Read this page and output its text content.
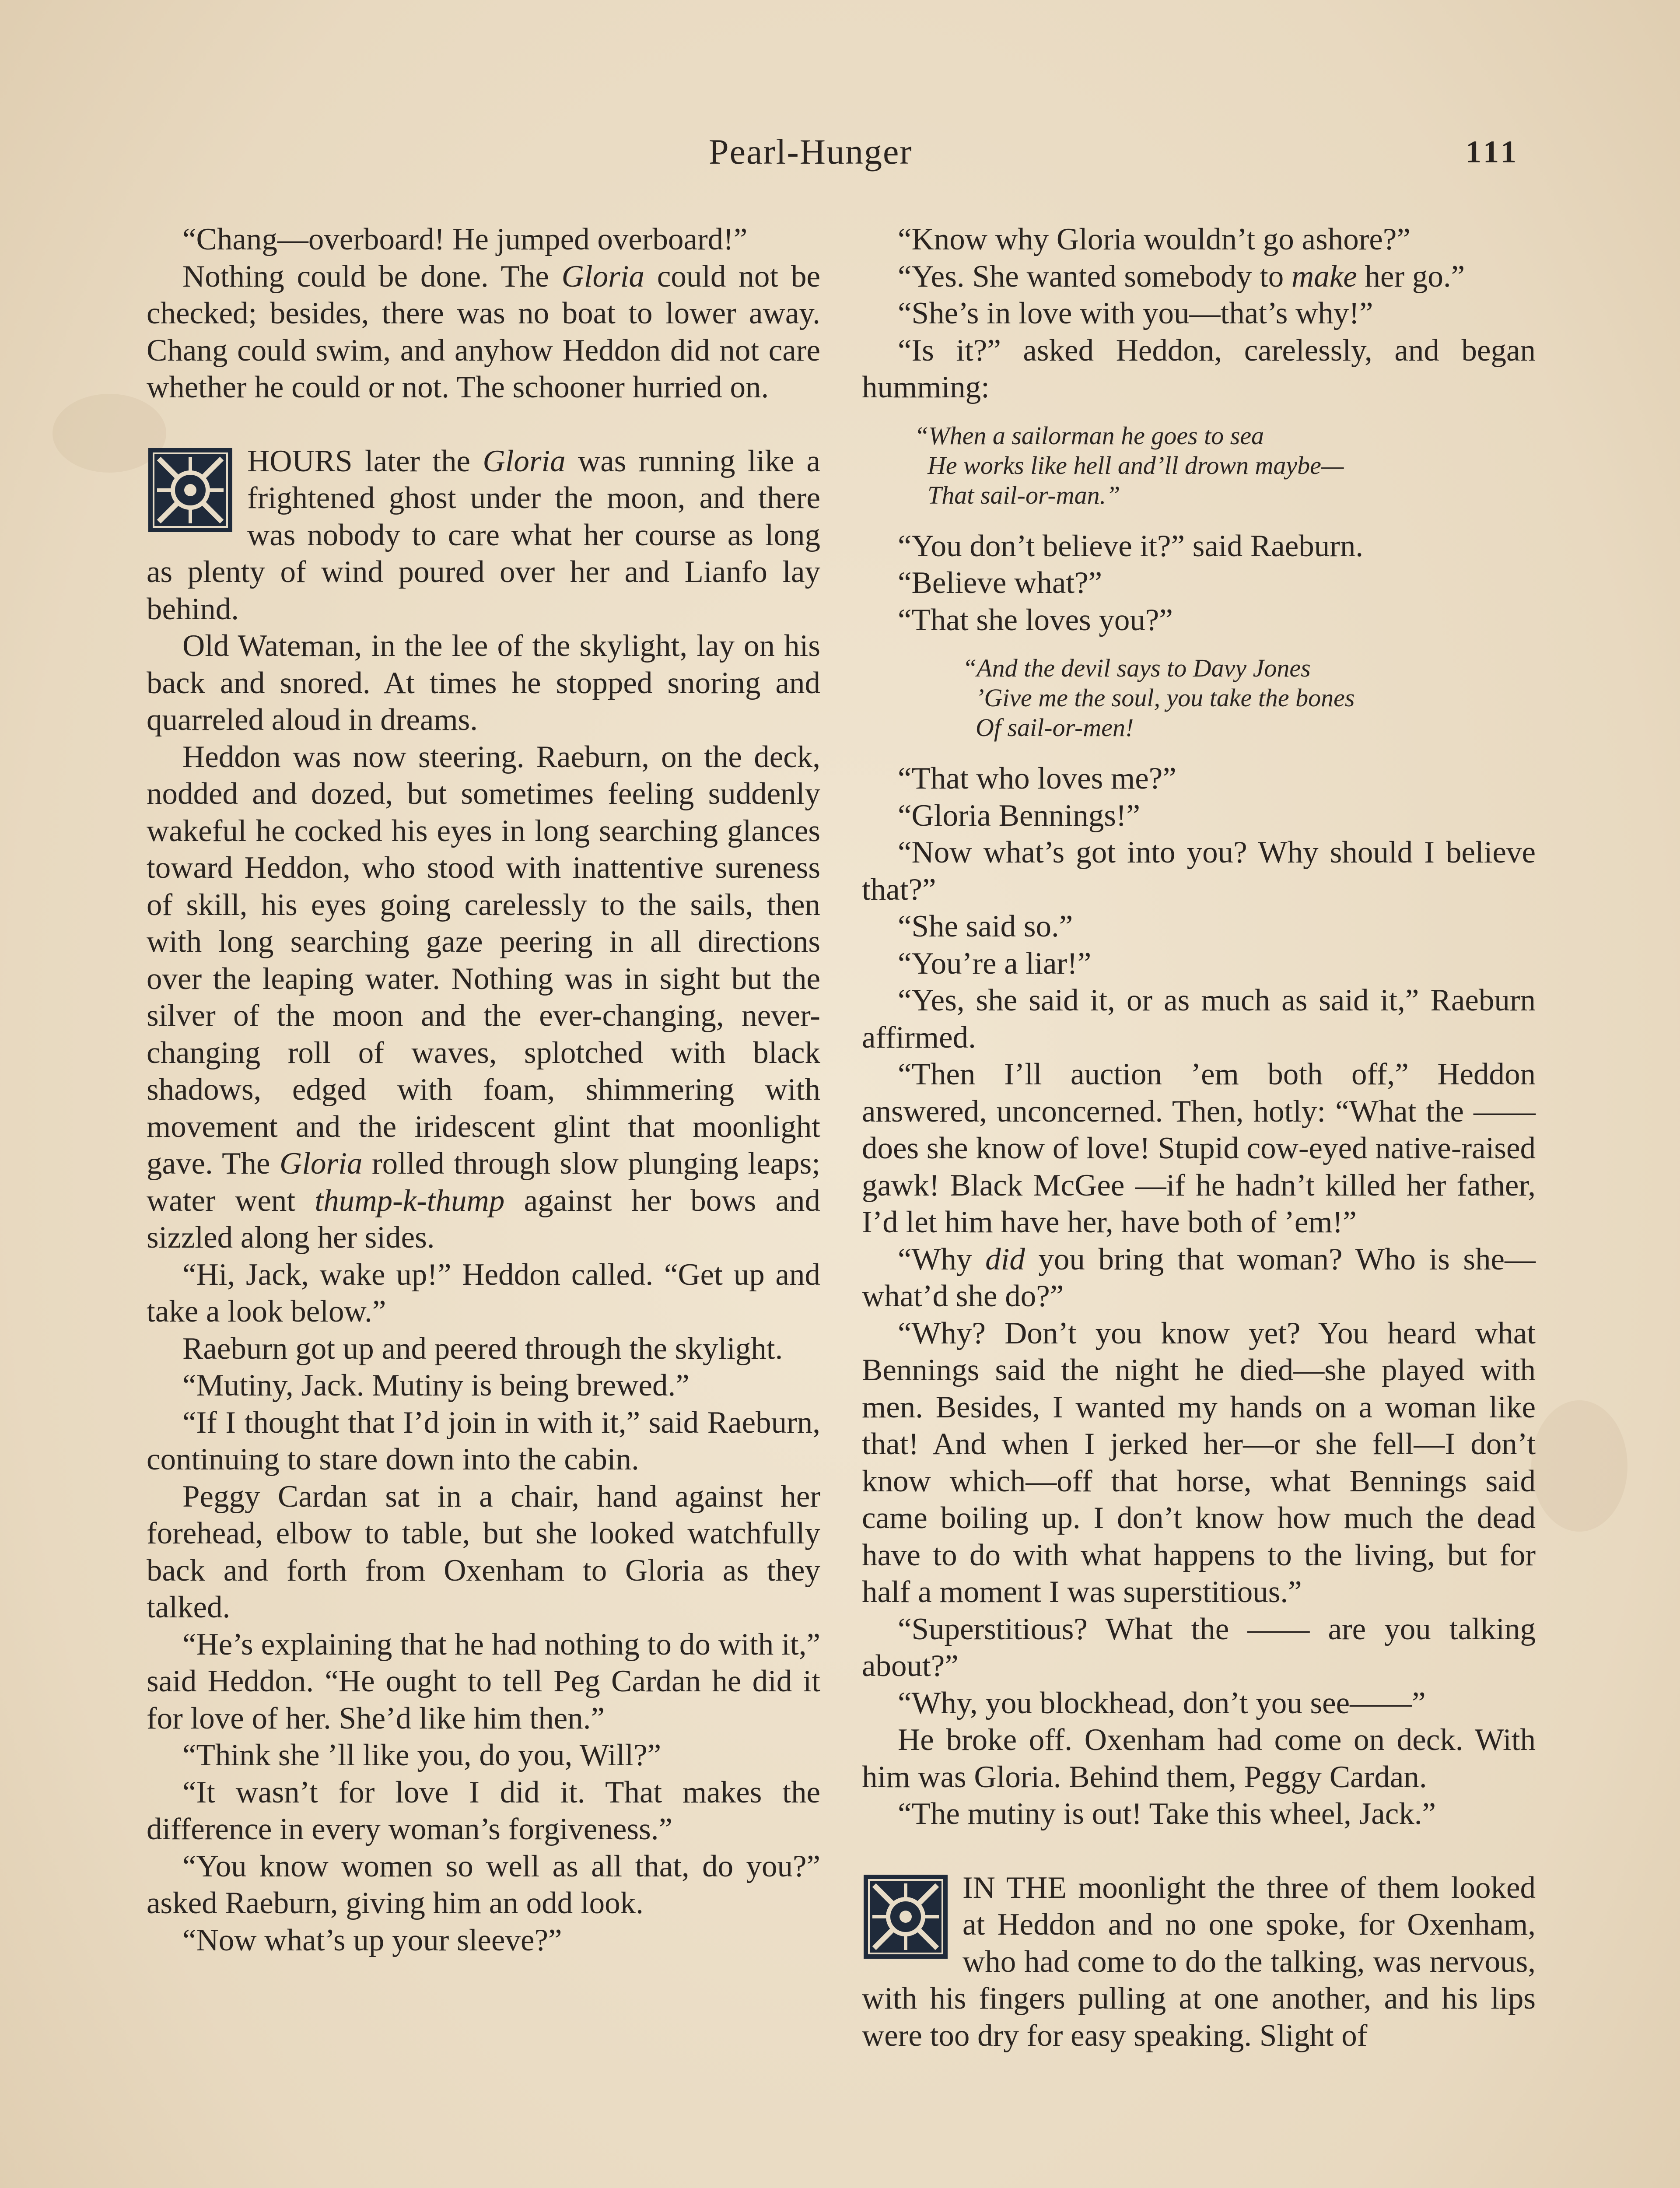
Pearl-Hunger	111

“Chang—overboard! He jumped overboard!”

Nothing could be done. The Gloria could not be checked; besides, there was no boat to lower away. Chang could swim, and anyhow Heddon did not care whether he could or not. The schooner hurried on.

HOURS later the Gloria was running like a frightened ghost under the moon, and there was nobody to care what her course as long as plenty of wind poured over her and Lianfo lay behind.

Old Wateman, in the lee of the skylight, lay on his back and snored. At times he stopped snoring and quarreled aloud in dreams.

Heddon was now steering. Raeburn, on the deck, nodded and dozed, but sometimes feeling suddenly wakeful he cocked his eyes in long searching glances toward Heddon, who stood with inattentive sureness of skill, his eyes going carelessly to the sails, then with long searching gaze peering in all directions over the leaping water. Nothing was in sight but the silver of the moon and the ever-changing, never-changing roll of waves, splotched with black shadows, edged with foam, shimmering with movement and the iridescent glint that moonlight gave. The Gloria rolled through slow plunging leaps; water went thump-k-thump against her bows and sizzled along her sides.

“Hi, Jack, wake up!” Heddon called. “Get up and take a look below.”

Raeburn got up and peered through the skylight.

“Mutiny, Jack. Mutiny is being brewed.”

“If I thought that I’d join in with it,” said Raeburn, continuing to stare down into the cabin.

Peggy Cardan sat in a chair, hand against her forehead, elbow to table, but she looked watchfully back and forth from Oxenham to Gloria as they talked.

“He’s explaining that he had nothing to do with it,” said Heddon. “He ought to tell Peg Cardan he did it for love of her. She’d like him then.”

“Think she ’ll like you, do you, Will?”

“It wasn’t for love I did it. That makes the difference in every woman’s forgiveness.”

“You know women so well as all that, do you?” asked Raeburn, giving him an odd look.

“Now what’s up your sleeve?”

“Know why Gloria wouldn’t go ashore?”

“Yes. She wanted somebody to make her go.”

“She’s in love with you—that’s why!”

“Is it?” asked Heddon, carelessly, and began humming:

“When a sailorman he goes to sea
He works like hell and’ll drown maybe—
That sail-or-man.”

“You don’t believe it?” said Raeburn.

“Believe what?”

“That she loves you?”

“And the devil says to Davy Jones
’Give me the soul, you take the bones
Of sail-or-men!

“That who loves me?”

“Gloria Bennings!”

“Now what’s got into you? Why should I believe that?”

“She said so.”

“You’re a liar!”

“Yes, she said it, or as much as said it,” Raeburn affirmed.

“Then I’ll auction ’em both off,” Heddon answered, unconcerned. Then, hotly: “What the —— does she know of love! Stupid cow-eyed native-raised gawk! Black McGee —if he hadn’t killed her father, I’d let him have her, have both of ’em!”

“Why did you bring that woman? Who is she—what’d she do?”

“Why? Don’t you know yet? You heard what Bennings said the night he died—she played with men. Besides, I wanted my hands on a woman like that! And when I jerked her—or she fell—I don’t know which—off that horse, what Bennings said came boiling up. I don’t know how much the dead have to do with what happens to the living, but for half a moment I was superstitious.”

“Superstitious? What the —— are you talking about?”

“Why, you blockhead, don’t you see——”

He broke off. Oxenham had come on deck. With him was Gloria. Behind them, Peggy Cardan.

“The mutiny is out! Take this wheel, Jack.”

IN THE moonlight the three of them looked at Heddon and no one spoke, for Oxenham, who had come to do the talking, was nervous, with his fingers pulling at one another, and his lips were too dry for easy speaking. Slight of
